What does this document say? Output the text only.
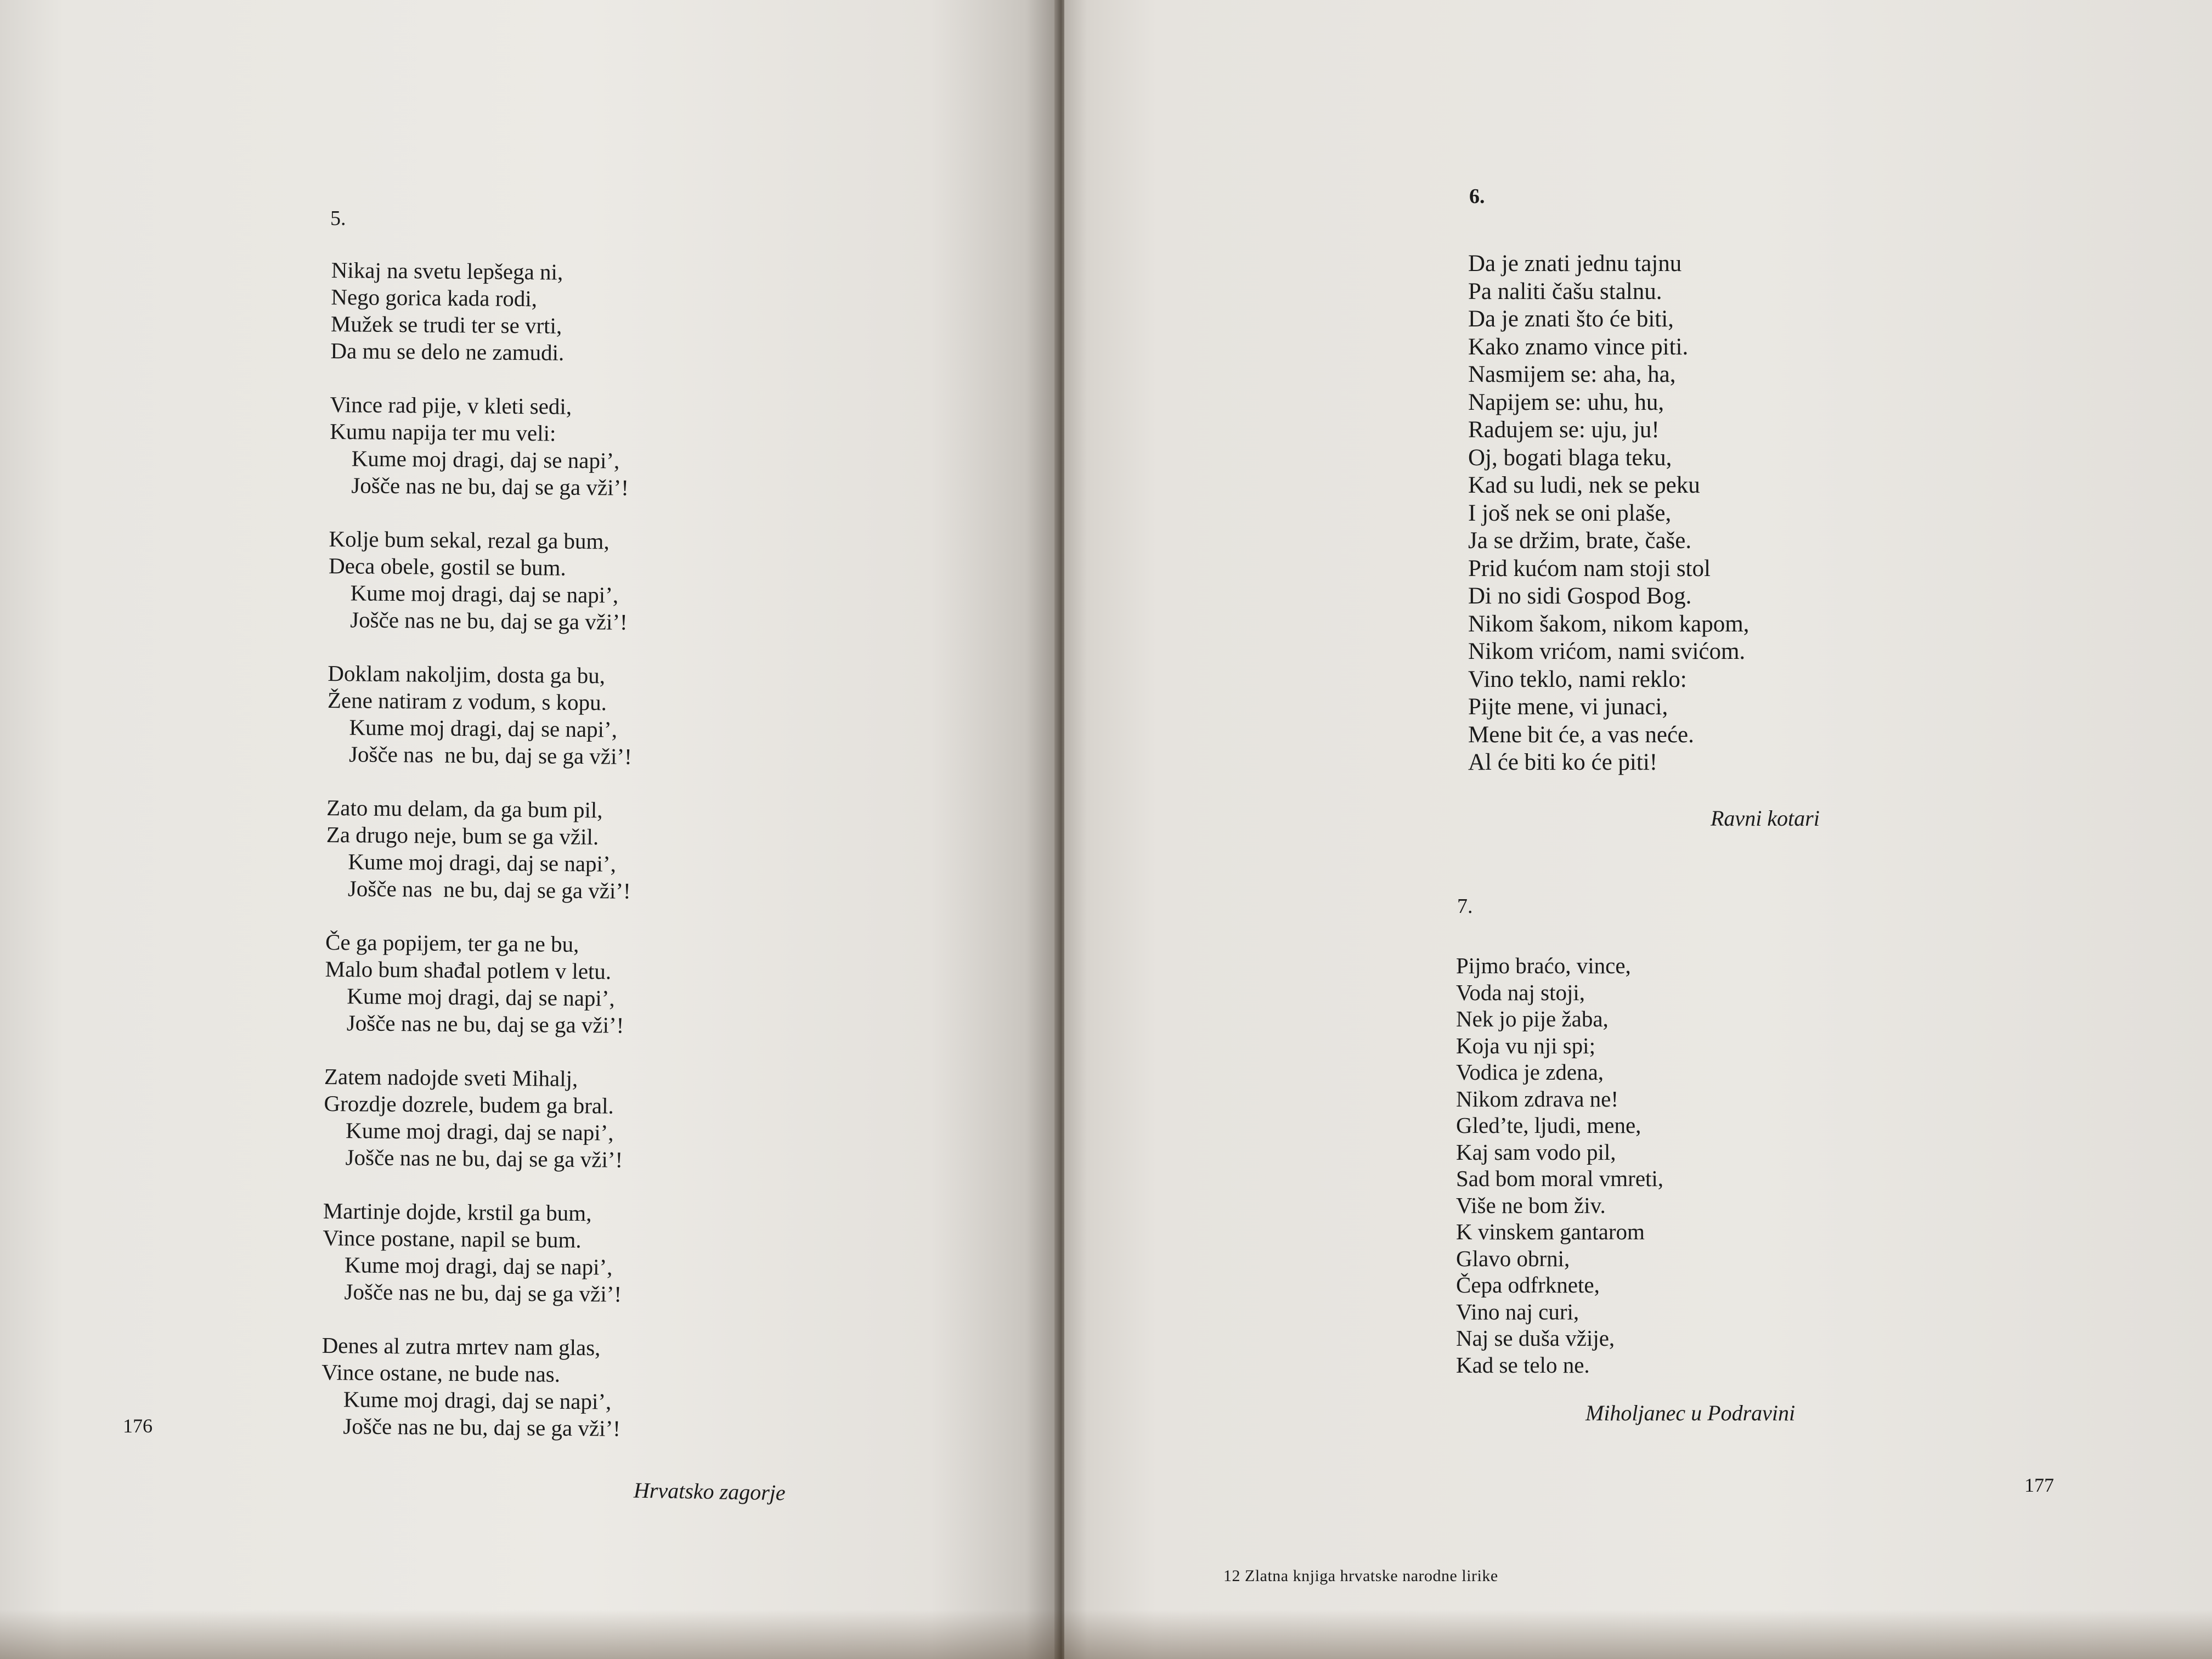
5.
Nikaj na svetu lepšega ni,
Nego gorica kada rodi,
Mužek se trudi ter se vrti,
Da mu se delo ne zamudi.
Vince rad pije, v kleti sedi,
Kumu napija ter mu veli:
Kume moj dragi, daj se napi’,
Jošče nas ne bu, daj se ga vži’!
Kolje bum sekal, rezal ga bum,
Deca obele, gostil se bum.
Kume moj dragi, daj se napi’,
Jošče nas ne bu, daj se ga vži’!
Doklam nakoljim, dosta ga bu,
Žene natiram z vodum, s kopu.
Kume moj dragi, daj se napi’,
Jošče nas  ne bu, daj se ga vži’!
Zato mu delam, da ga bum pil,
Za drugo neje, bum se ga vžil.
Kume moj dragi, daj se napi’,
Jošče nas  ne bu, daj se ga vži’!
Če ga popijem, ter ga ne bu,
Malo bum shađal potlem v letu.
Kume moj dragi, daj se napi’,
Jošče nas ne bu, daj se ga vži’!
Zatem nadojde sveti Mihalj,
Grozdje dozrele, budem ga bral.
Kume moj dragi, daj se napi’,
Jošče nas ne bu, daj se ga vži’!
Martinje dojde, krstil ga bum,
Vince postane, napil se bum.
Kume moj dragi, daj se napi’,
Jošče nas ne bu, daj se ga vži’!
Denes al zutra mrtev nam glas,
Vince ostane, ne bude nas.
Kume moj dragi, daj se napi’,
Jošče nas ne bu, daj se ga vži’!
Hrvatsko zagorje
176
6.
Da je znati jednu tajnu
Pa naliti čašu stalnu.
Da je znati što će biti,
Kako znamo vince piti.
Nasmijem se: aha, ha,
Napijem se: uhu, hu,
Radujem se: uju, ju!
Oj, bogati blaga teku,
Kad su ludi, nek se peku
I još nek se oni plaše,
Ja se držim, brate, čaše.
Prid kućom nam stoji stol
Di no sidi Gospod Bog.
Nikom šakom, nikom kapom,
Nikom vrićom, nami svićom.
Vino teklo, nami reklo:
Pijte mene, vi junaci,
Mene bit će, a vas neće.
Al će biti ko će piti!
Ravni kotari
7.
Pijmo braćo, vince,
Voda naj stoji,
Nek jo pije žaba,
Koja vu nji spi;
Vodica je zdena,
Nikom zdrava ne!
Gled’te, ljudi, mene,
Kaj sam vodo pil,
Sad bom moral vmreti,
Više ne bom živ.
K vinskem gantarom
Glavo obrni,
Čepa odfrknete,
Vino naj curi,
Naj se duša vžije,
Kad se telo ne.
Miholjanec u Podravini
177
12 Zlatna knjiga hrvatske narodne lirike
